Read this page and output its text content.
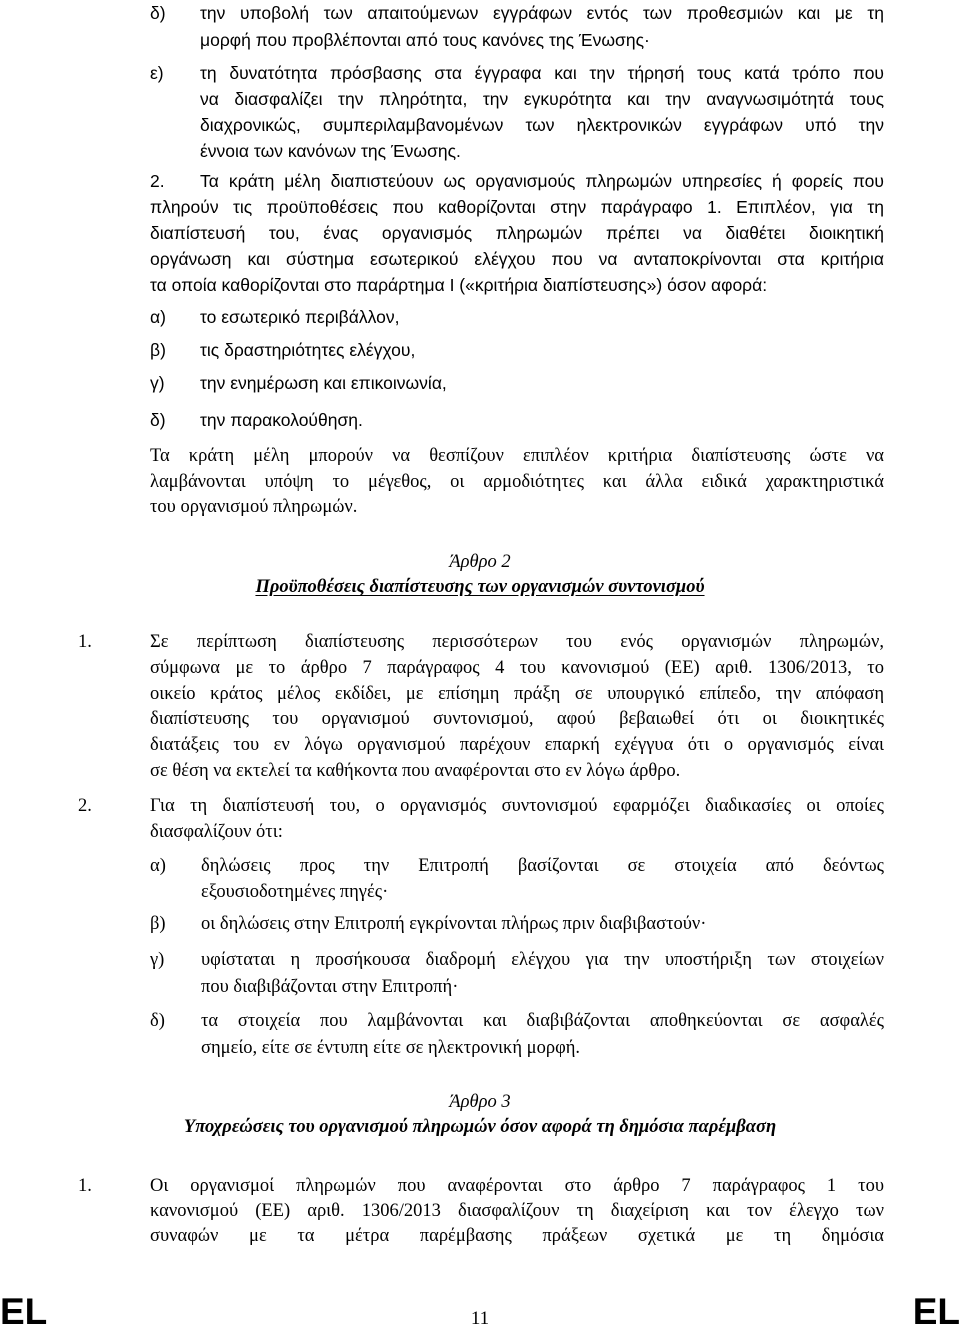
δ) την υποβολή των απαιτούμενων εγγράφων εντός των προθεσμιών και με τη
μορφή που προβλέπονται από τους κανόνες της Ένωσης·
ε) τη δυνατότητα πρόσβασης στα έγγραφα και την τήρησή τους κατά τρόπο που
να διασφαλίζει την πληρότητα, την εγκυρότητα και την αναγνωσιμότητά τους
διαχρονικώς, συμπεριλαμβανομένων των ηλεκτρονικών εγγράφων υπό την
έννοια των κανόνων της Ένωσης.
2.	Τα κράτη μέλη διαπιστεύουν ως οργανισμούς πληρωμών υπηρεσίες ή φορείς που
πληρούν τις προϋποθέσεις που καθορίζονται στην παράγραφο 1. Επιπλέον, για τη
διαπίστευσή του, ένας οργανισμός πληρωμών πρέπει να διαθέτει διοικητική
οργάνωση και σύστημα εσωτερικού ελέγχου που να ανταποκρίνονται στα κριτήρια
τα οποία καθορίζονται στο παράρτημα Ι («κριτήρια διαπίστευσης») όσον αφορά:
α) το εσωτερικό περιβάλλον,
β) τις δραστηριότητες ελέγχου,
γ) την ενημέρωση και επικοινωνία,
δ) την παρακολούθηση.
Τα κράτη μέλη μπορούν να θεσπίζουν επιπλέον κριτήρια διαπίστευσης ώστε να
λαμβάνονται υπόψη το μέγεθος, οι αρμοδιότητες και άλλα ειδικά χαρακτηριστικά
του οργανισμού πληρωμών.
Άρθρο 2
Προϋποθέσεις διαπίστευσης των οργανισμών συντονισμού
1.	Σε περίπτωση διαπίστευσης περισσότερων του ενός οργανισμών πληρωμών,
σύμφωνα με το άρθρο 7 παράγραφος 4 του κανονισμού (ΕΕ) αριθ. 1306/2013, το
οικείο κράτος μέλος εκδίδει, με επίσημη πράξη σε υπουργικό επίπεδο, την απόφαση
διαπίστευσης του οργανισμού συντονισμού, αφού βεβαιωθεί ότι οι διοικητικές
διατάξεις του εν λόγω οργανισμού παρέχουν επαρκή εχέγγυα ότι ο οργανισμός είναι
σε θέση να εκτελεί τα καθήκοντα που αναφέρονται στο εν λόγω άρθρο.
2.	Για τη διαπίστευσή του, ο οργανισμός συντονισμού εφαρμόζει διαδικασίες οι οποίες
διασφαλίζουν ότι:
α) δηλώσεις προς την Επιτροπή βασίζονται σε στοιχεία από δεόντως
εξουσιοδοτημένες πηγές·
β) οι δηλώσεις στην Επιτροπή εγκρίνονται πλήρως πριν διαβιβαστούν·
γ) υφίσταται η προσήκουσα διαδρομή ελέγχου για την υποστήριξη των στοιχείων
που διαβιβάζονται στην Επιτροπή·
δ) τα στοιχεία που λαμβάνονται και διαβιβάζονται αποθηκεύονται σε ασφαλές
σημείο, είτε σε έντυπη είτε σε ηλεκτρονική μορφή.
Άρθρο 3
Υποχρεώσεις του οργανισμού πληρωμών όσον αφορά τη δημόσια παρέμβαση
1.	Οι οργανισμοί πληρωμών που αναφέρονται στο άρθρο 7 παράγραφος 1 του
κανονισμού (ΕΕ) αριθ. 1306/2013 διασφαλίζουν τη διαχείριση και τον έλεγχο των
συναφών με τα μέτρα παρέμβασης πράξεων σχετικά με τη δημόσια
EL	11	EL
